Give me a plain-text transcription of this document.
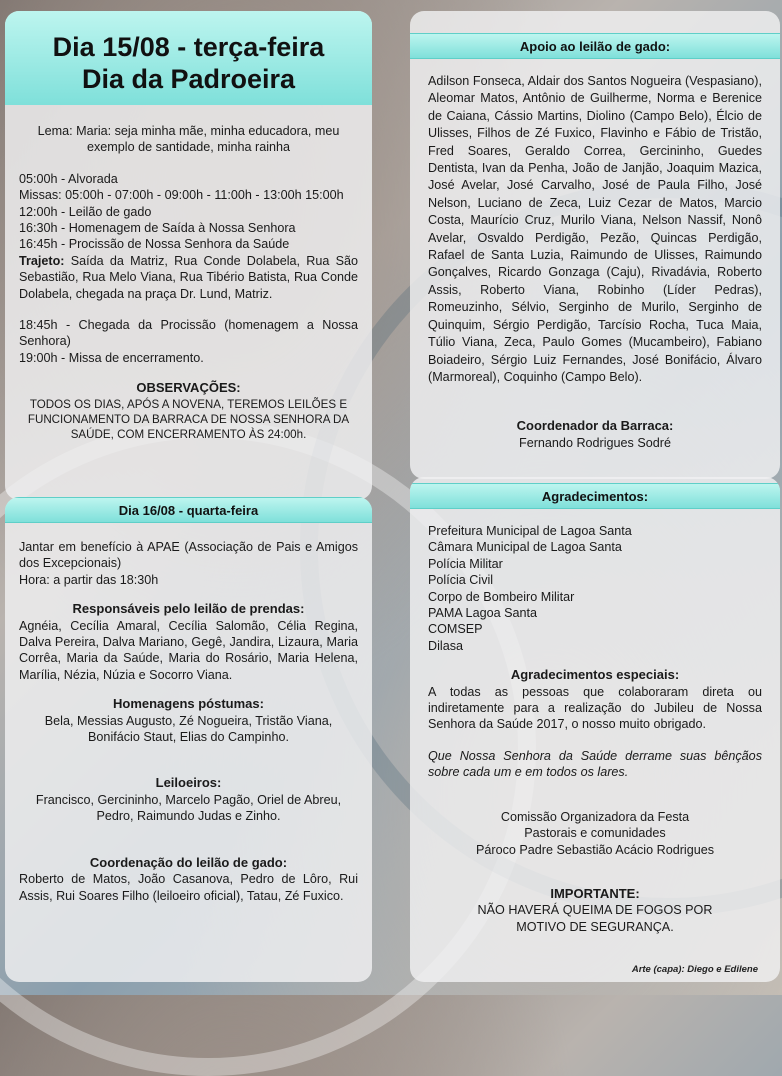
Dia 15/08 - terça-feira
Dia da Padroeira

Lema: Maria: seja minha mãe, minha educadora, meu exemplo de santidade, minha rainha

05:00h - Alvorada

Missas: 05:00h - 07:00h - 09:00h - 11:00h - 13:00h 15:00h

12:00h - Leilão de gado

16:30h - Homenagem de Saída à Nossa Senhora

16:45h - Procissão de Nossa Senhora da Saúde

Trajeto: Saída da Matriz, Rua Conde Dolabela, Rua São Sebastião, Rua Melo Viana, Rua Tibério Batista, Rua Conde Dolabela, chegada na praça Dr. Lund, Matriz.

18:45h - Chegada da Procissão (homenagem a Nossa Senhora)

19:00h - Missa de encerramento.

OBSERVAÇÕES:

TODOS OS DIAS, APÓS A NOVENA, TEREMOS LEILÕES E FUNCIONAMENTO DA BARRACA DE NOSSA SENHORA DA SAÚDE, COM ENCERRAMENTO ÀS 24:00h.

Dia 16/08 - quarta-feira

Jantar em benefício à APAE (Associação de Pais e Amigos dos Excepcionais)

Hora: a partir das 18:30h

Responsáveis pelo leilão de prendas:

Agnéia, Cecília Amaral, Cecília Salomão, Célia Regina, Dalva Pereira, Dalva Mariano, Gegê, Jandira, Lizaura, Maria Corrêa, Maria da Saúde, Maria do Rosário, Maria Helena, Marília, Nézia, Núzia e Socorro Viana.

Homenagens póstumas:

Bela, Messias Augusto, Zé Nogueira, Tristão Viana, Bonifácio Staut, Elias do Campinho.

Leiloeiros:

Francisco, Gercininho, Marcelo Pagão, Oriel de Abreu, Pedro, Raimundo Judas e Zinho.

Coordenação do leilão de gado:

Roberto de Matos, João Casanova, Pedro de Lôro, Rui Assis, Rui Soares Filho (leiloeiro oficial), Tatau, Zé Fuxico.

Apoio ao leilão de gado:

Adilson Fonseca, Aldair dos Santos Nogueira (Vespasiano), Aleomar Matos, Antônio de Guilherme, Norma e Berenice de Caiana, Cássio Martins, Diolino (Campo Belo), Élcio de Ulisses, Filhos de Zé Fuxico, Flavinho e Fábio de Tristão, Fred Soares, Geraldo Correa, Gercininho, Guedes Dentista, Ivan da Penha, João de Janjão, Joaquim Mazica, José Avelar, José Carvalho, José de Paula Filho, José Nelson, Luciano de Zeca, Luiz Cezar de Matos, Marcio Costa, Maurício Cruz, Murilo Viana, Nelson Nassif, Nonô Avelar, Osvaldo Perdigão, Pezão, Quincas Perdigão, Rafael de Santa Luzia, Raimundo de Ulisses, Raimundo Gonçalves, Ricardo Gonzaga (Caju), Rivadávia, Roberto Assis, Roberto Viana, Robinho (Líder Pedras), Romeuzinho, Sélvio, Serginho de Murilo, Serginho de Quinquim, Sérgio Perdigão, Tarcísio Rocha, Tuca Maia, Túlio Viana, Zeca, Paulo Gomes (Mucambeiro), Fabiano Boiadeiro, Sérgio Luiz Fernandes, José Bonifácio, Álvaro (Marmoreal), Coquinho (Campo Belo).

Coordenador da Barraca:

Fernando Rodrigues Sodré

Agradecimentos:

Prefeitura Municipal de Lagoa Santa

Câmara Municipal de Lagoa Santa

Polícia Militar

Polícia Civil

Corpo de Bombeiro Militar

PAMA Lagoa Santa

COMSEP

Dilasa

Agradecimentos especiais:

A todas as pessoas que colaboraram direta ou indiretamente para a realização do Jubileu de Nossa Senhora da Saúde 2017, o nosso muito obrigado.

Que Nossa Senhora da Saúde derrame suas bênçãos sobre cada um e em todos os lares.

Comissão Organizadora da Festa

Pastorais e comunidades

Pároco Padre Sebastião Acácio Rodrigues

IMPORTANTE:

NÃO HAVERÁ QUEIMA DE FOGOS POR MOTIVO DE SEGURANÇA.

Arte (capa): Diego e Edilene
